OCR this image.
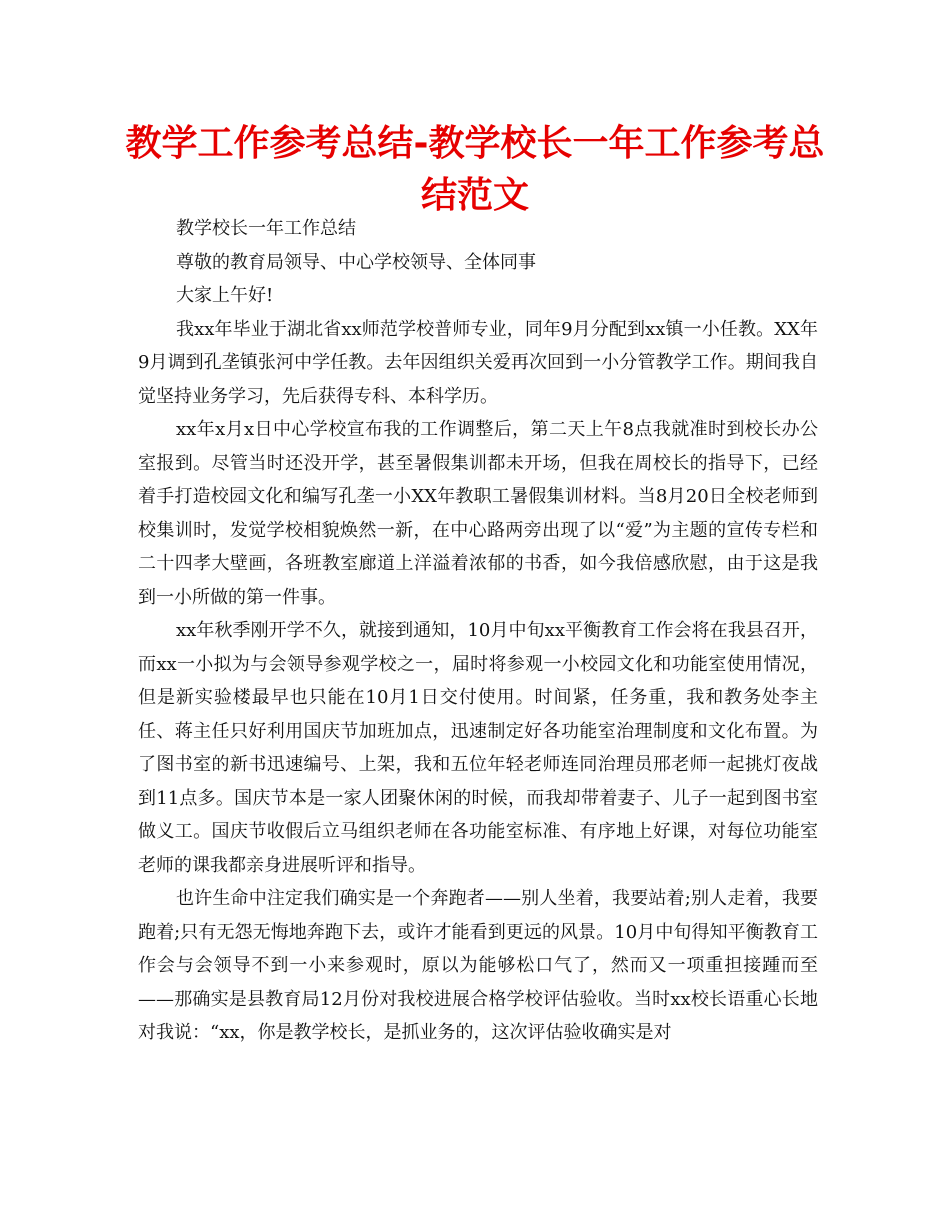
教学工作参考总结-教学校长一年工作参考总结范文

教学校长一年工作总结

尊敬的教育局领导、中心学校领导、全体同事

大家上午好!

我xx年毕业于湖北省xx师范学校普师专业，同年9月分配到xx镇一小任教。XX年9月调到孔垄镇张河中学任教。去年因组织关爱再次回到一小分管教学工作。期间我自觉坚持业务学习，先后获得专科、本科学历。

xx年x月x日中心学校宣布我的工作调整后，第二天上午8点我就准时到校长办公室报到。尽管当时还没开学，甚至暑假集训都未开场，但我在周校长的指导下，已经着手打造校园文化和编写孔垄一小XX年教职工暑假集训材料。当8月20日全校老师到校集训时，发觉学校相貌焕然一新，在中心路两旁出现了以“爱”为主题的宣传专栏和二十四孝大壁画，各班教室廊道上洋溢着浓郁的书香，如今我倍感欣慰，由于这是我到一小所做的第一件事。

xx年秋季刚开学不久，就接到通知，10月中旬xx平衡教育工作会将在我县召开，而xx一小拟为与会领导参观学校之一，届时将参观一小校园文化和功能室使用情况，但是新实验楼最早也只能在10月1日交付使用。时间紧，任务重，我和教务处李主任、蒋主任只好利用国庆节加班加点，迅速制定好各功能室治理制度和文化布置。为了图书室的新书迅速编号、上架，我和五位年轻老师连同治理员邢老师一起挑灯夜战到11点多。国庆节本是一家人团聚休闲的时候，而我却带着妻子、儿子一起到图书室做义工。国庆节收假后立马组织老师在各功能室标准、有序地上好课，对每位功能室老师的课我都亲身进展听评和指导。

也许生命中注定我们确实是一个奔跑者——别人坐着，我要站着;别人走着，我要跑着;只有无怨无悔地奔跑下去，或许才能看到更远的风景。10月中旬得知平衡教育工作会与会领导不到一小来参观时，原以为能够松口气了，然而又一项重担接踵而至——那确实是县教育局12月份对我校进展合格学校评估验收。当时xx校长语重心长地对我说：“xx，你是教学校长，是抓业务的，这次评估验收确实是对
